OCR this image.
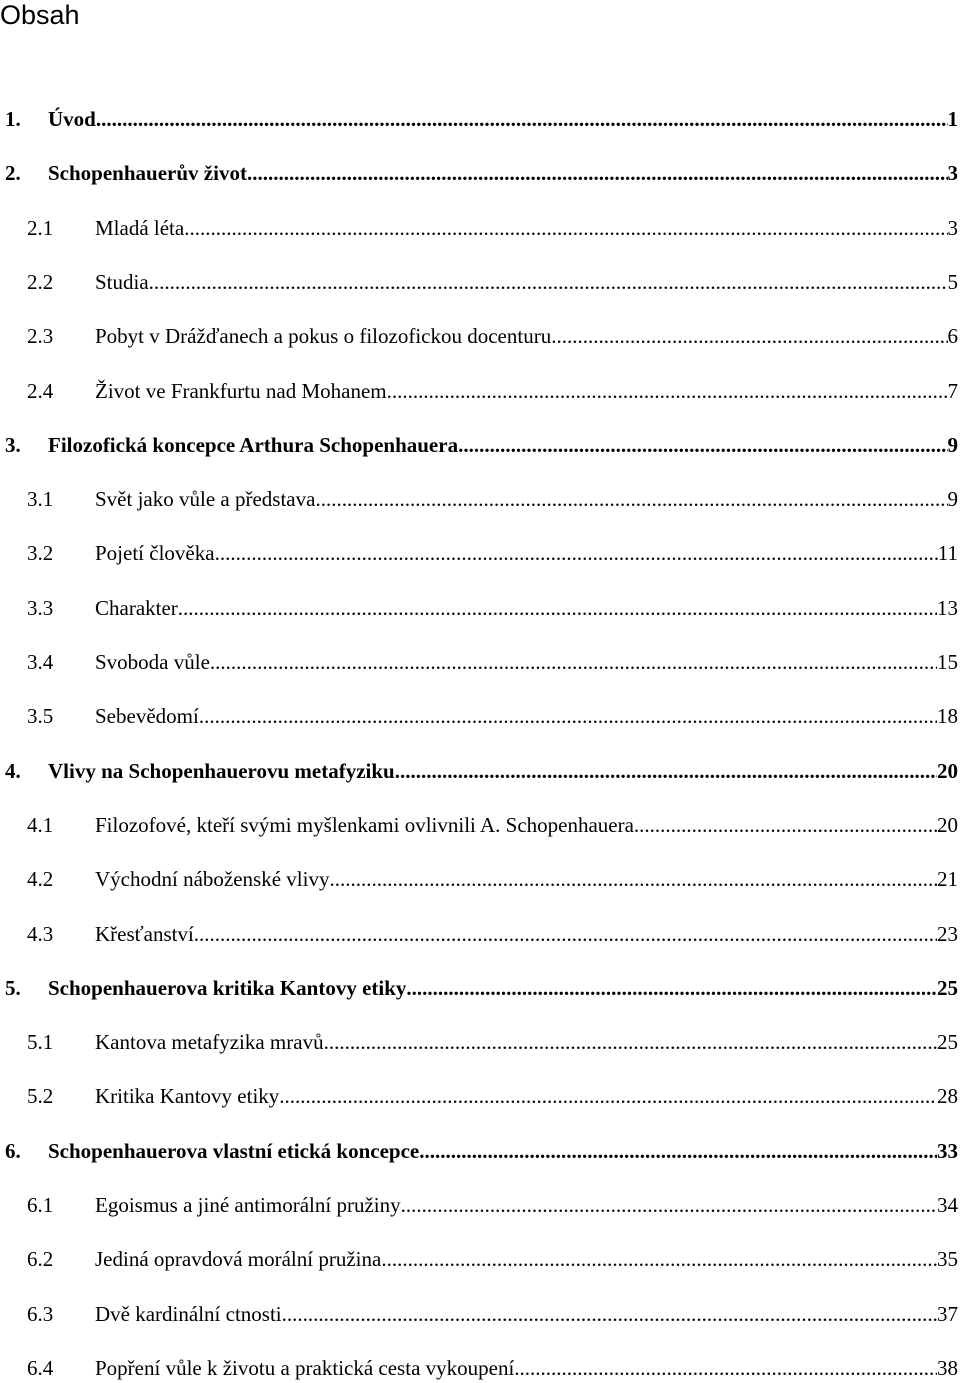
Obsah
1. Úvod .....	1
2. Schopenhauerův život .....	3
2.1 Mladá léta .....	3
2.2 Studia .....	5
2.3 Pobyt v Drážďanech a pokus o filozofickou docenturu .....	6
2.4 Život ve Frankfurtu nad Mohanem .....	7
3. Filozofická koncepce Arthura Schopenhauera .....	9
3.1 Svět jako vůle a představa .....	9
3.2 Pojetí člověka .....	11
3.3 Charakter .....	13
3.4 Svoboda vůle .....	15
3.5 Sebevědomí .....	18
4. Vlivy na Schopenhauerovu metafyziku .....	20
4.1 Filozofové, kteří svými myšlenkami ovlivnili A. Schopenhauera .....	20
4.2 Východní náboženské vlivy .....	21
4.3 Křesťanství .....	23
5. Schopenhauerova kritika Kantovy etiky .....	25
5.1 Kantova metafyzika mravů .....	25
5.2 Kritika Kantovy etiky .....	28
6. Schopenhauerova vlastní etická koncepce .....	33
6.1 Egoismus a jiné antimorální pružiny .....	34
6.2 Jediná opravdová morální pružina .....	35
6.3 Dvě kardinální ctnosti .....	37
6.4 Popření vůle k životu a praktická cesta vykoupení .....	38
